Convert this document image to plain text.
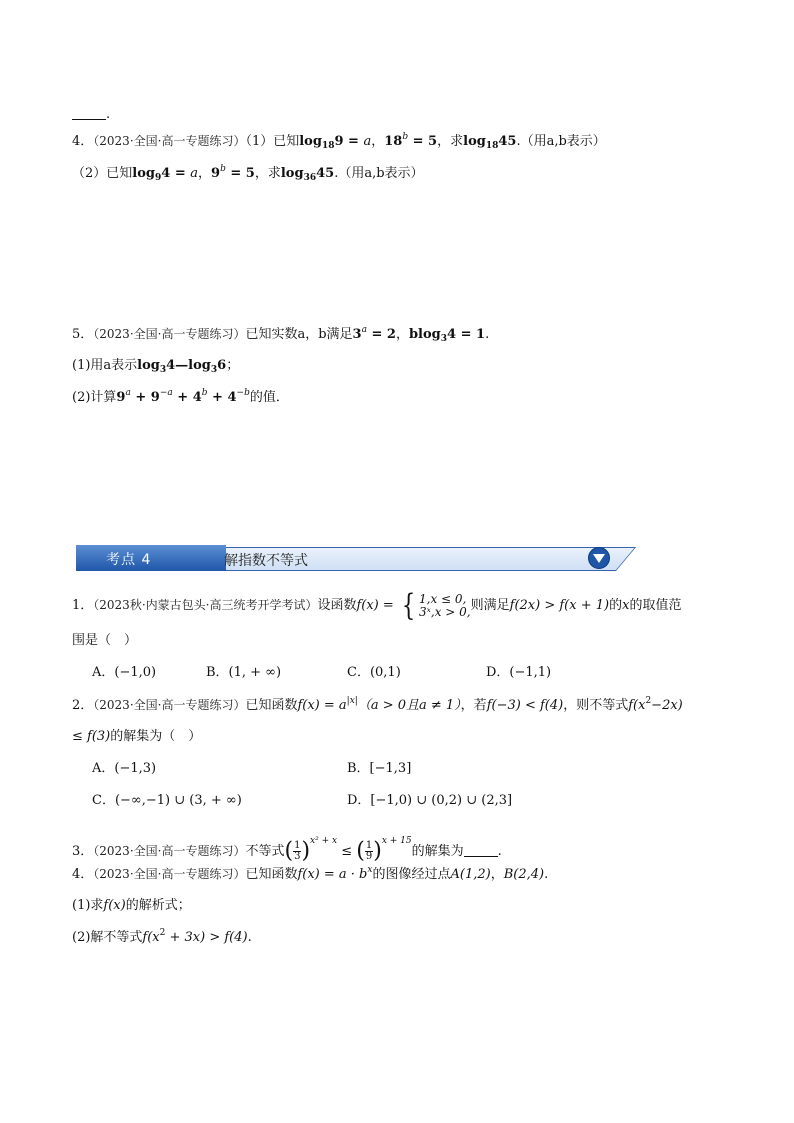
.
4．（2023·全国·高一专题练习）（1）已知$\log_{18}9 = a$，$18^b = 5$，求$\log_{18}45$.（用a,b表示）
（2）已知$\log_94 = a$，$9^b = 5$，求$\log_{36}45$.（用a,b表示）
5．（2023·全国·高一专题练习）已知实数a，b满足$3^a = 2$，blog$_3$4 = 1.
(1)用a表示$\log_34—\log_36$；
(2)计算$9^a + 9^{-a} + 4^b + 4^{-b}$的值．
考点 4	解指数不等式
1．（2023秋·内蒙古包头·高三统考开学考试）设函数f(x) = { 1,x ≤ 0,
3ˣ,x > 0, 则满足f(2x) > f(x + 1)的x的取值范
围是（　）
A．(−1,0)	B．(1, + ∞)	C．(0,1)	D．(−1,1)
2．（2023·全国·高一专题练习）已知函数$f(x) = a^{|x|}(a > 0$且a ≠ 1），若f(−3) < f(4)，则不等式$f(x^2-2x)$
≤ f(3)的解集为（　）
A．(−1,3)	B．[−1,3]
C．(−∞,−1) ∪ (3, + ∞)	D．[−1,0) ∪ (0,2) ∪ (2,3]
3．（2023·全国·高一专题练习）不等式( $\frac{1}{3} )^{x^2 + x}$ ≤ ( $\frac{1}{9} )^{x + 15}$的解集为	.
4．（2023·全国·高一专题练习）已知函数$f(x) = a \cdot b^x$的图像经过点A(1,2)，B(2,4).
(1)求f(x)的解析式；
(2)解不等式$f(x^2 + 3x) > f(4)$.
